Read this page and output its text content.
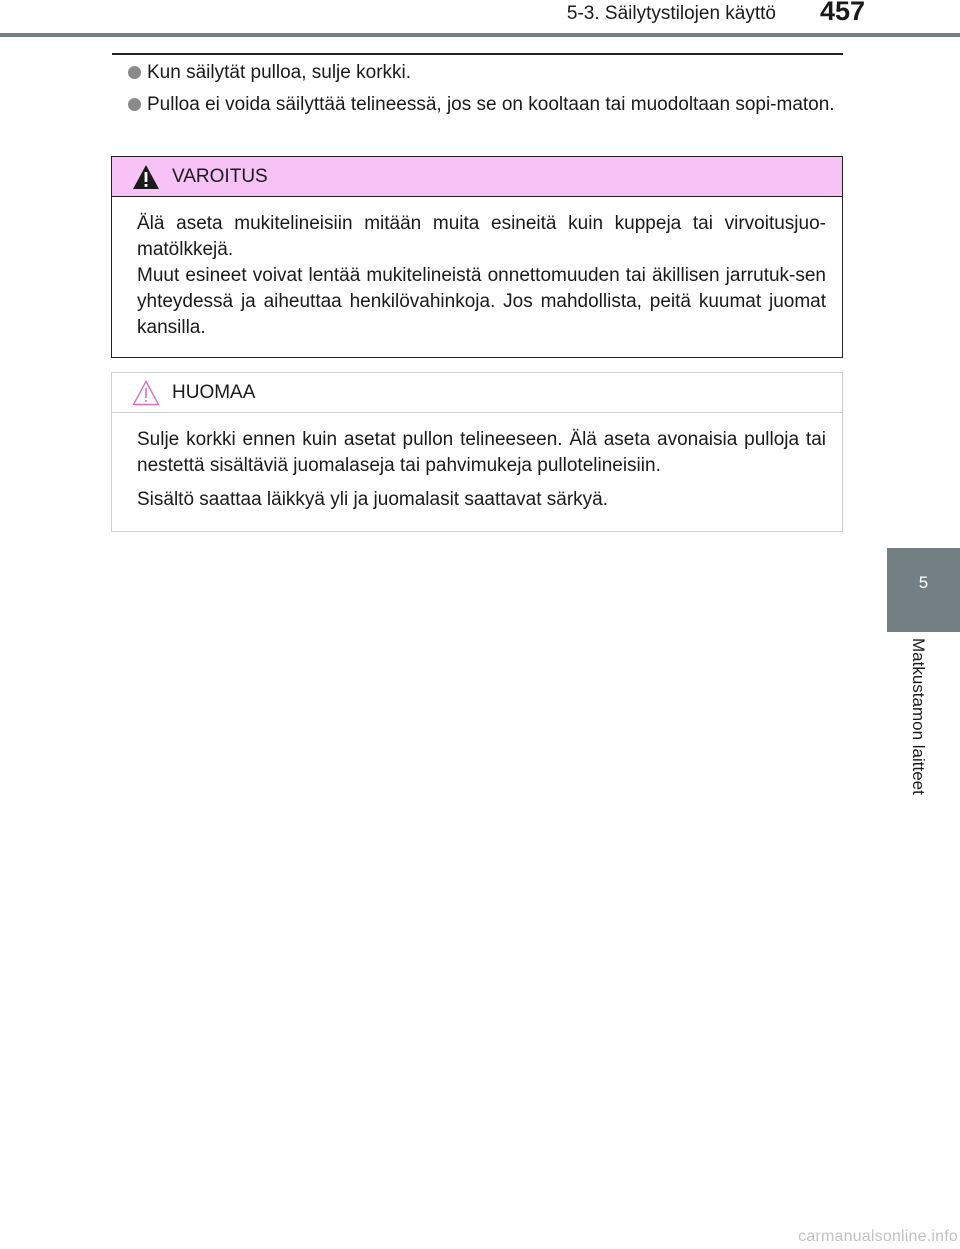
5-3. Säilytystilojen käyttö 457
Kun säilytät pulloa, sulje korkki.
Pulloa ei voida säilyttää telineessä, jos se on kooltaan tai muodoltaan sopi-maton.
VAROITUS

Älä aseta mukitelineisiin mitään muita esineitä kuin kuppeja tai virvoitusjuo-matölkkejä.

Muut esineet voivat lentää mukitelineistä onnettomuuden tai äkillisen jarrutuk-sen yhteydessä ja aiheuttaa henkilövahinkoja. Jos mahdollista, peitä kuumat juomat kansilla.

HUOMAA

Sulje korkki ennen kuin asetat pullon telineeseen. Älä aseta avonaisia pulloja tai nestettä sisältäviä juomalaseja tai pahvimukeja pullotelineisiin.

Sisältö saattaa läikkyä yli ja juomalasit saattavat särkyä.

5
Matkustamon laitteet
carmanualsonline.info
